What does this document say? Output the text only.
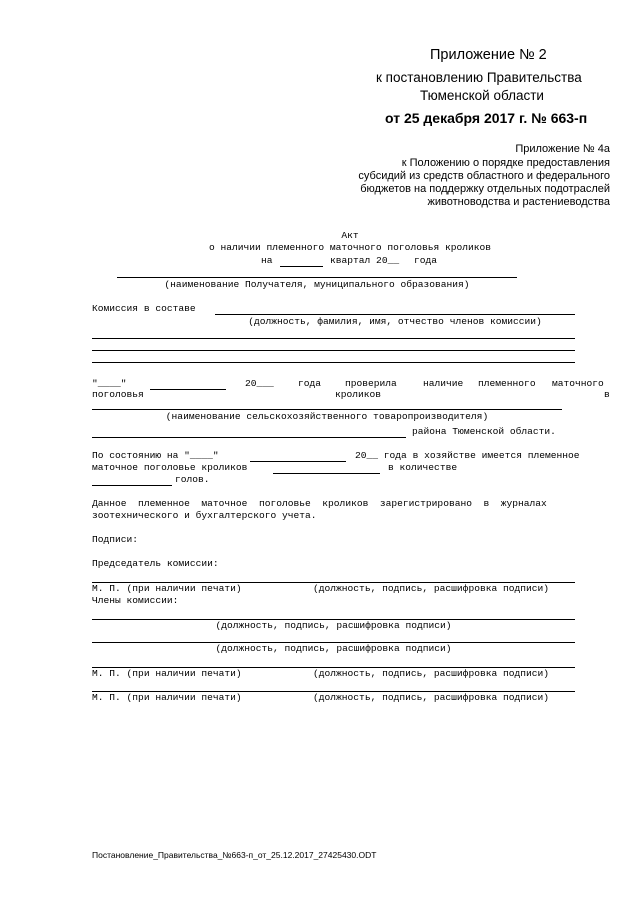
Приложение № 2
к постановлению Правительства
Тюменской области
от 25 декабря 2017 г. № 663-п
Приложение № 4а
к Положению о порядке предоставления
субсидий из средств областного и федерального
бюджетов на поддержку отдельных подотраслей
животноводства и растениеводства
Акт
о наличии племенного маточного поголовья кроликов
на	квартал 20__ года
(наименование Получателя, муниципального образования)
Комиссия в составе
(должность, фамилия, имя, отчество членов комиссии)
"____"	20___	года проверила	наличие племенного маточного
поголовья	кроликов	в
(наименование сельскохозяйственного товаропроизводителя)
района Тюменской области.
По состоянию на "____"	20__ года в хозяйстве имеется племенное
маточное поголовье кроликов	в количестве
голов.
Данное  племенное  маточное  поголовье  кроликов  зарегистрировано  в  журналах
зоотехнического и бухгалтерского учета.
Подписи:
Председатель комиссии:
М. П. (при наличии печати)	(должность, подпись, расшифровка подписи)
Члены комиссии:
(должность, подпись, расшифровка подписи)
(должность, подпись, расшифровка подписи)
М. П. (при наличии печати)	(должность, подпись, расшифровка подписи)
М. П. (при наличии печати)	(должность, подпись, расшифровка подписи)
Постановление_Правительства_№663-п_от_25.12.2017_27425430.ODT
